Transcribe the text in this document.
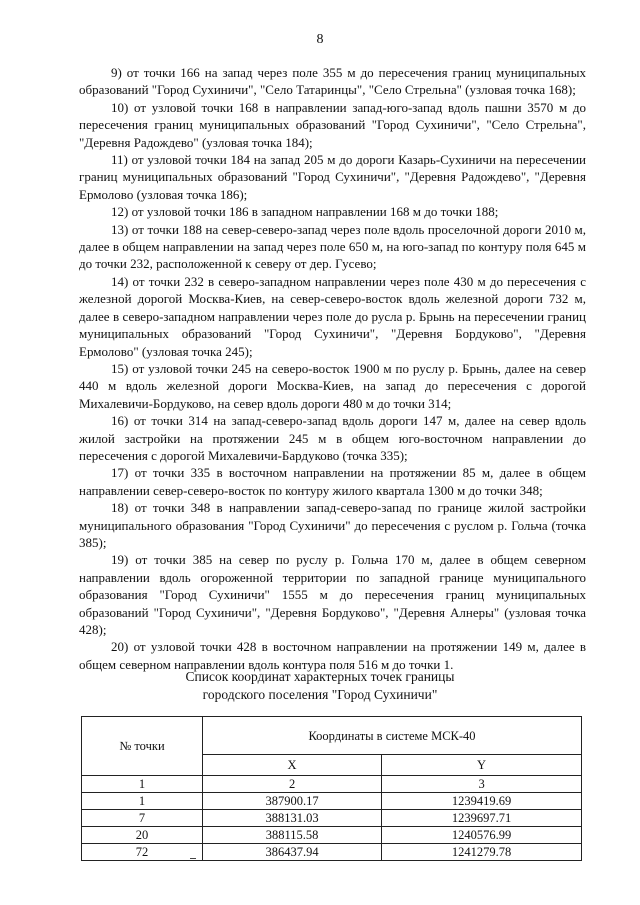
8

9) от точки 166 на запад через поле 355 м до пересечения границ муниципальных образований "Город Сухиничи", "Село Татаринцы", "Село Стрельна" (узловая точка 168);

10) от узловой точки 168 в направлении запад-юго-запад вдоль пашни 3570 м до пересечения границ муниципальных образований "Город Сухиничи", "Село Стрельна", "Деревня Радождево" (узловая точка 184);

11) от узловой точки 184 на запад 205 м до дороги Казарь-Сухиничи на пересечении границ муниципальных образований "Город Сухиничи", "Деревня Радождево", "Деревня Ермолово (узловая точка 186);

12) от узловой точки 186 в западном направлении 168 м до точки 188;

13) от точки 188 на север-северо-запад через поле вдоль проселочной дороги 2010 м, далее в общем направлении на запад через поле 650 м, на юго-запад по контуру поля 645 м до точки 232, расположенной к северу от дер. Гусево;

14) от точки 232 в северо-западном направлении через поле 430 м до пересечения с железной дорогой Москва-Киев, на север-северо-восток вдоль железной дороги 732 м, далее в северо-западном направлении через поле до русла р. Брынь на пересечении границ муниципальных образований "Город Сухиничи", "Деревня Бордуково", "Деревня Ермолово" (узловая точка 245);

15) от узловой точки 245 на северо-восток 1900 м по руслу р. Брынь, далее на север 440 м вдоль железной дороги Москва-Киев, на запад до пересечения с дорогой Михалевичи-Бордуково, на север вдоль дороги 480 м до точки 314;

16) от точки 314 на запад-северо-запад вдоль дороги 147 м, далее на север вдоль жилой застройки на протяжении 245 м в общем юго-восточном направлении до пересечения с дорогой Михалевичи-Бардуково (точка 335);

17) от точки 335 в восточном направлении на протяжении 85 м, далее в общем направлении север-северо-восток по контуру жилого квартала 1300 м до точки 348;

18) от точки 348 в направлении запад-северо-запад по границе жилой застройки муниципального образования "Город Сухиничи" до пересечения с руслом р. Гольча (точка 385);

19) от точки 385 на север по руслу р. Гольча 170 м, далее в общем северном направлении вдоль огороженной территории по западной границе муниципального образования "Город Сухиничи" 1555 м до пересечения границ муниципальных образований "Город Сухиничи", "Деревня Бордуково", "Деревня Алнеры" (узловая точка 428);

20) от узловой точки 428 в восточном направлении на протяжении 149 м, далее в общем северном направлении вдоль контура поля 516 м до точки 1.

Список координат характерных точек границы
городского поселения "Город Сухиничи"
№ точки	Координаты в системе МСК-40	
	X	Y
1	2	3
1	387900.17	1239419.69
7	388131.03	1239697.71
20	388115.58	1240576.99
72	386437.94	1241279.78
